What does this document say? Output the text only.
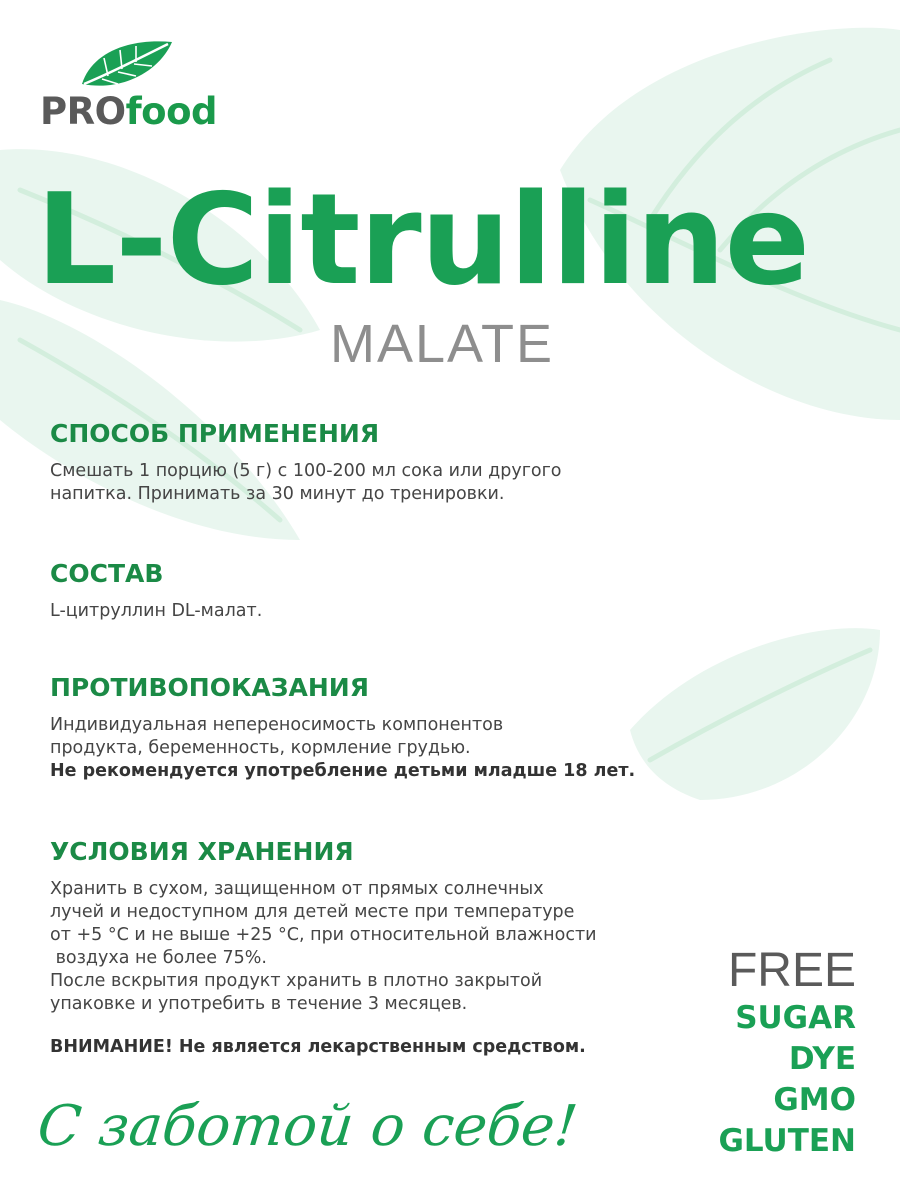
PROfood
L-Citrulline
MALATE
СПОСОБ ПРИМЕНЕНИЯ
Смешать 1 порцию (5 г) с 100-200 мл сока или другого
напитка. Принимать за 30 минут до тренировки.
СОСТАВ
L-цитруллин DL-малат.
ПРОТИВОПОКАЗАНИЯ
Индивидуальная непереносимость компонентов
продукта, беременность, кормление грудью.
Не рекомендуется употребление детьми младше 18 лет.
УСЛОВИЯ ХРАНЕНИЯ
Хранить в сухом, защищенном от прямых солнечных
лучей и недоступном для детей месте при температуре
от +5 °С и не выше +25 °С, при относительной влажности
воздуха не более 75%.
После вскрытия продукт хранить в плотно закрытой
упаковке и употребить в течение 3 месяцев.
ВНИМАНИЕ! Не является лекарственным средством.
FREE
SUGAR
DYE
GMO
GLUTEN
С заботой о себе!
